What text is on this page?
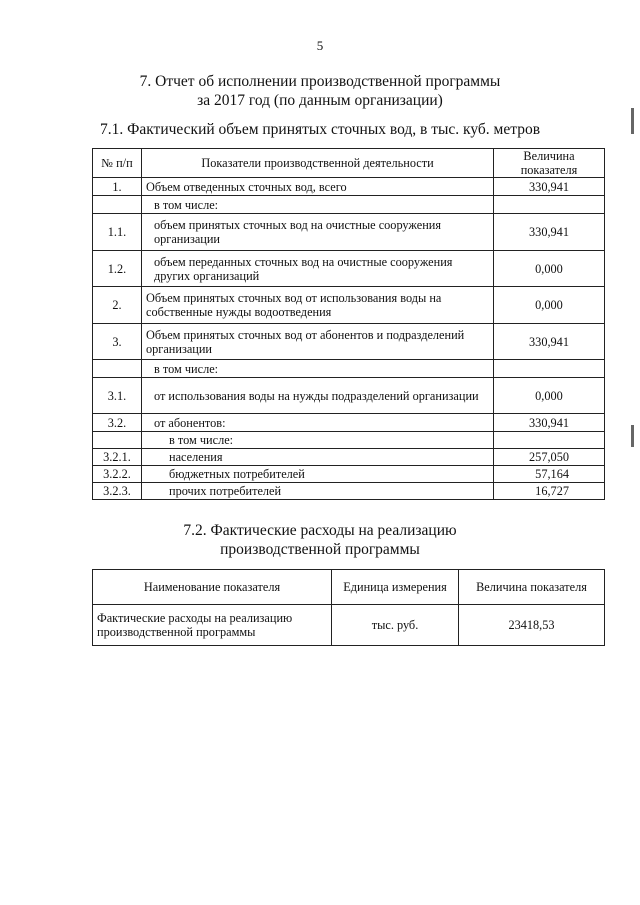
5
7. Отчет об исполнении производственной программы
за 2017 год (по данным организации)
7.1. Фактический объем принятых сточных вод, в тыс. куб. метров
№ п/п	Показатели производственной деятельности	Величина показателя
1.	Объем отведенных сточных вод, всего	330,941
	в том числе:	
1.1.	объем принятых сточных вод на очистные сооружения организации	330,941
1.2.	объем переданных сточных вод на очистные сооружения других организаций	0,000
2.	Объем принятых сточных вод от использования воды на собственные нужды водоотведения	0,000
3.	Объем принятых сточных вод от абонентов и подразделений организации	330,941
	в том числе:	
3.1.	от использования воды на нужды подразделений организации	0,000
3.2.	от абонентов:	330,941
	в том числе:	
3.2.1.	населения	257,050
3.2.2.	бюджетных потребителей	57,164
3.2.3.	прочих потребителей	16,727
7.2. Фактические расходы на реализацию
производственной программы
Наименование показателя	Единица измерения	Величина показателя
Фактические расходы на реализацию производственной программы	тыс. руб.	23418,53
